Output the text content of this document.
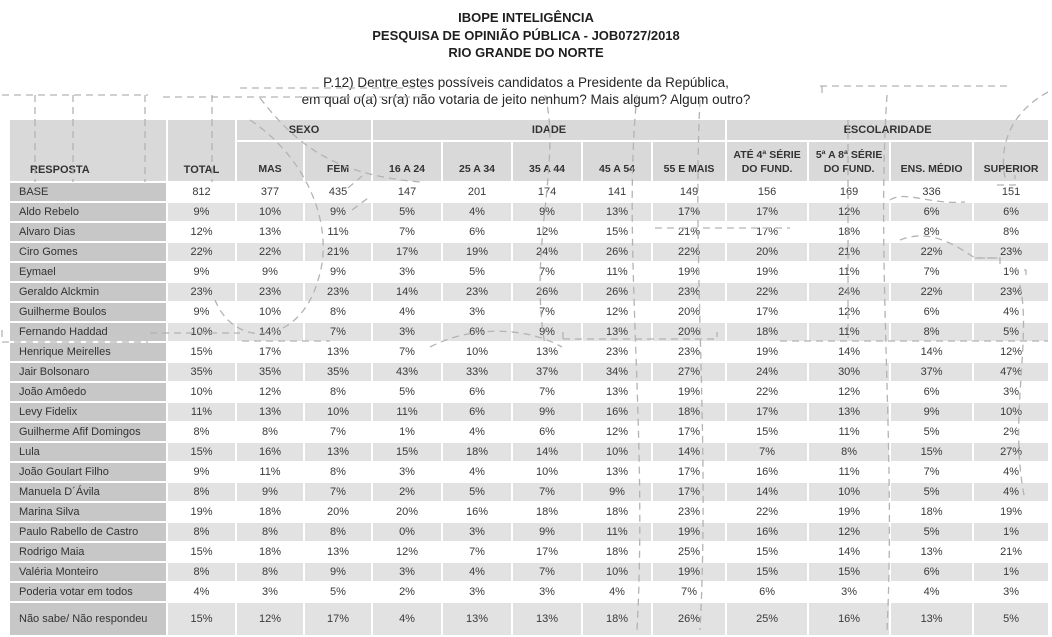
IBOPE INTELIGÊNCIA
PESQUISA DE OPINIÃO PÚBLICA - JOB0727/2018
RIO GRANDE DO NORTE
P.12) Dentre estes possíveis candidatos a Presidente da República,
em qual o(a) sr(a) não votaria de jeito nenhum? Mais algum? Algum outro?
RESPOSTA	TOTAL	SEXO		IDADE					ESCOLARIDADE			
		MAS	FEM	16 A 24	25 A 34	35 A 44	45 A 54	55 E MAIS	ATÉ 4ª SÉRIE DO FUND.	5ª A 8ª SÉRIE DO FUND.	ENS. MÉDIO	SUPERIOR
BASE	812	377	435	147	201	174	141	149	156	169	336	151
Aldo Rebelo	9%	10%	9%	5%	4%	9%	13%	17%	17%	12%	6%	6%
Alvaro Dias	12%	13%	11%	7%	6%	12%	15%	21%	17%	18%	8%	8%
Ciro Gomes	22%	22%	21%	17%	19%	24%	26%	22%	20%	21%	22%	23%
Eymael	9%	9%	9%	3%	5%	7%	11%	19%	19%	11%	7%	1%
Geraldo Alckmin	23%	23%	23%	14%	23%	26%	26%	23%	22%	24%	22%	23%
Guilherme Boulos	9%	10%	8%	4%	3%	7%	12%	20%	17%	12%	6%	4%
Fernando Haddad	10%	14%	7%	3%	6%	9%	13%	20%	18%	11%	8%	5%
Henrique Meirelles	15%	17%	13%	7%	10%	13%	23%	23%	19%	14%	14%	12%
Jair Bolsonaro	35%	35%	35%	43%	33%	37%	34%	27%	24%	30%	37%	47%
João Amôedo	10%	12%	8%	5%	6%	7%	13%	19%	22%	12%	6%	3%
Levy Fidelix	11%	13%	10%	11%	6%	9%	16%	18%	17%	13%	9%	10%
Guilherme Afif Domingos	8%	8%	7%	1%	4%	6%	12%	17%	15%	11%	5%	2%
Lula	15%	16%	13%	15%	18%	14%	10%	14%	7%	8%	15%	27%
João Goulart Filho	9%	11%	8%	3%	4%	10%	13%	17%	16%	11%	7%	4%
Manuela D´Ávila	8%	9%	7%	2%	5%	7%	9%	17%	14%	10%	5%	4%
Marina Silva	19%	18%	20%	20%	16%	18%	18%	23%	22%	19%	18%	19%
Paulo Rabello de Castro	8%	8%	8%	0%	3%	9%	11%	19%	16%	12%	5%	1%
Rodrigo Maia	15%	18%	13%	12%	7%	17%	18%	25%	15%	14%	13%	21%
Valéria Monteiro	8%	8%	9%	3%	4%	7%	10%	19%	15%	15%	6%	1%
Poderia votar em todos	4%	3%	5%	2%	3%	3%	4%	7%	6%	3%	4%	3%
Não sabe/ Não respondeu	15%	12%	17%	4%	13%	13%	18%	26%	25%	16%	13%	5%
